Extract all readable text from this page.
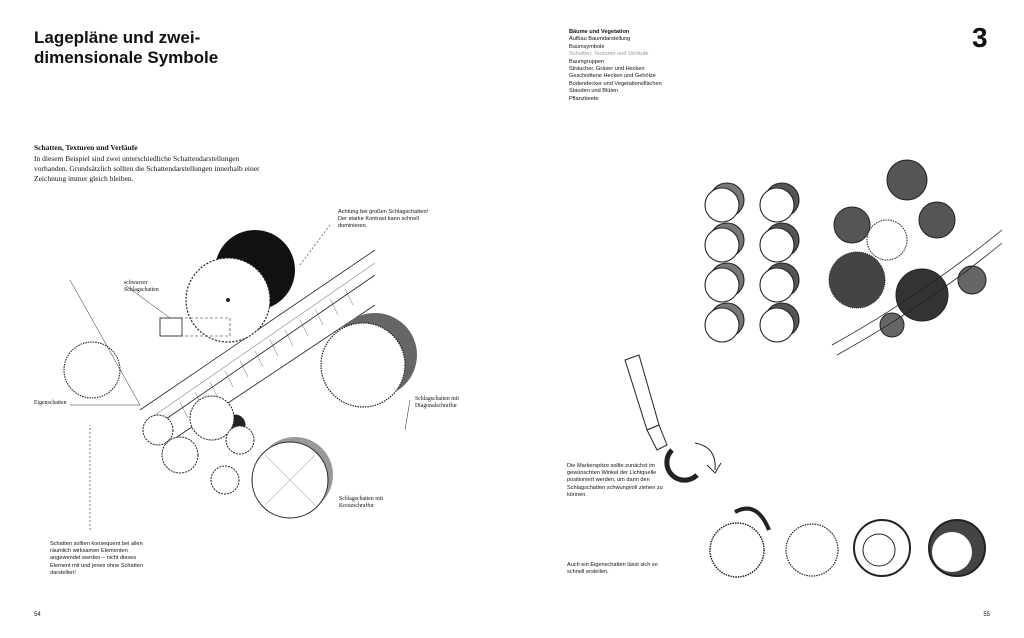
Lagepläne und zwei-dimensionale Symbole
Schatten, Texturen und Verläufe
In diesem Beispiel sind zwei unterschiedliche Schattendarstellungen vorhanden. Grundsätzlich sollten die Schattendarstellungen innerhalb einer Zeichnung immer gleich bleiben.
Achtung bei großen Schlagschatten! Der starke Kontrast kann schnell dominieren.
schwarzer Schlagschatten
Eigenschatten
Schlagschatten mit Diagonalschraffur
Schlagschatten mit Kreuzschraffur
Schatten sollten konsequent bei allen räumlich wirksamen Elementen angewendet werden – nicht dieses Element mit und jenes ohne Schatten darstellen!
54
Bäume und Vegetation
Aufbau Baumdarstellung
Baumsymbole
Schatten, Texturen und Verläufe
Baumgruppen
Sträucher, Gräser und Hecken
Geschnittene Hecken und Gehölze
Bodendecker und Vegetationsflächen
Stauden und Blüten
Pflanzbeete
3
Die Markerspitze sollte zunächst im gewünschten Winkel der Lichtquelle positioniert werden, um dann den Schlagschatten schwungvoll ziehen zu können.
Auch ein Eigenschatten lässt sich so schnell erstellen.
55
